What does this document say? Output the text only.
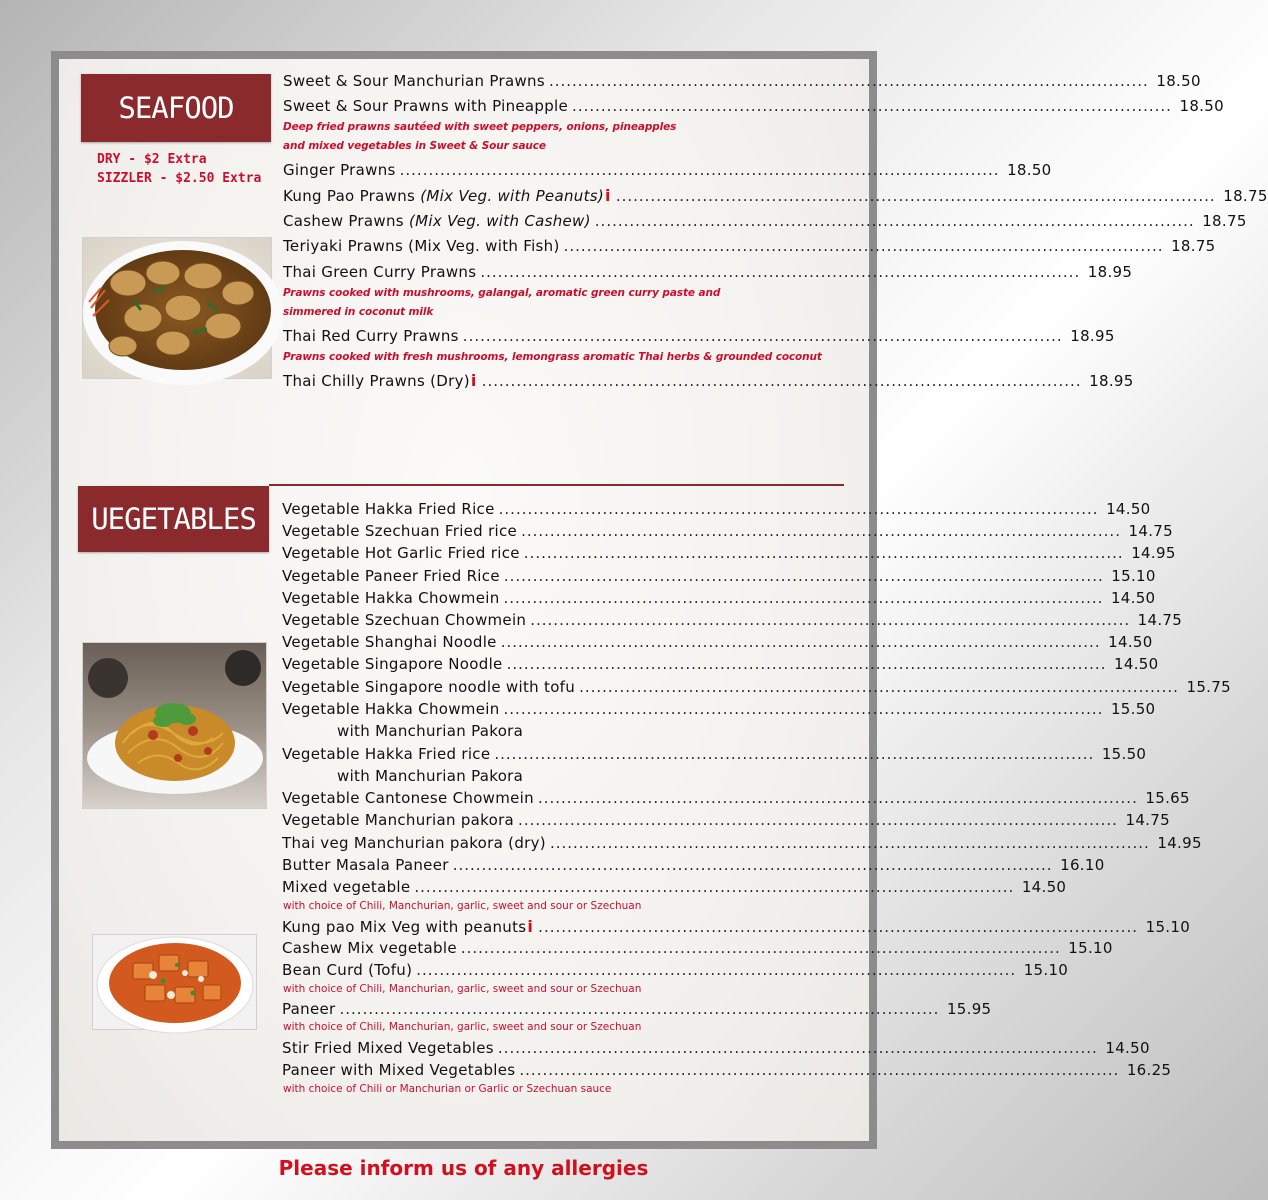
SEAFOOD
DRY - $2 Extra
SIZZLER - $2.50 Extra
Sweet & Sour Manchurian Prawns ........................................................................................................ 18.50
Sweet & Sour Prawns with Pineapple ........................................................................................................ 18.50
Deep fried prawns sautéed with sweet peppers, onions, pineapples
and mixed vegetables in Sweet & Sour sauce
Ginger Prawns ........................................................................................................ 18.50
Kung Pao Prawns
(Mix Veg. with Peanuts) i ........................................................................................................ 18.75
Cashew Prawns
(Mix Veg. with Cashew) ........................................................................................................ 18.75
Teriyaki Prawns (Mix Veg. with Fish) ........................................................................................................ 18.75
Thai Green Curry Prawns ........................................................................................................ 18.95
Prawns cooked with mushrooms, galangal, aromatic green curry paste and
simmered in coconut milk
Thai Red Curry Prawns ........................................................................................................ 18.95
Prawns cooked with fresh mushrooms, lemongrass aromatic Thai herbs & grounded coconut
Thai Chilly Prawns (Dry) i ........................................................................................................ 18.95
UEGETABLES	Vegetable Hakka Fried Rice ........................................................................................................ 14.50
Vegetable Szechuan Fried rice ........................................................................................................ 14.75
Vegetable Hot Garlic Fried rice ........................................................................................................ 14.95
Vegetable Paneer Fried Rice ........................................................................................................ 15.10
Vegetable Hakka Chowmein ........................................................................................................ 14.50
Vegetable Szechuan Chowmein ........................................................................................................ 14.75
Vegetable Shanghai Noodle ........................................................................................................ 14.50
Vegetable Singapore Noodle ........................................................................................................ 14.50
Vegetable Singapore noodle with tofu ........................................................................................................ 15.75
Vegetable Hakka Chowmein ........................................................................................................ 15.50
with Manchurian Pakora
Vegetable Hakka Fried rice ........................................................................................................ 15.50
with Manchurian Pakora
Vegetable Cantonese Chowmein ........................................................................................................ 15.65
Vegetable Manchurian pakora ........................................................................................................ 14.75
Thai veg Manchurian pakora (dry) ........................................................................................................ 14.95
Butter Masala Paneer ........................................................................................................ 16.10
Mixed vegetable ........................................................................................................ 14.50
with choice of Chili, Manchurian, garlic, sweet and sour or Szechuan
Kung pao Mix Veg with peanuts i ........................................................................................................ 15.10
Cashew Mix vegetable ........................................................................................................ 15.10
Bean Curd (Tofu) ........................................................................................................ 15.10
with choice of Chili, Manchurian, garlic, sweet and sour or Szechuan
Paneer ........................................................................................................ 15.95
with choice of Chili, Manchurian, garlic, sweet and sour or Szechuan
Stir Fried Mixed Vegetables ........................................................................................................ 14.50
Paneer with Mixed Vegetables ........................................................................................................ 16.25
with choice of Chili or Manchurian or Garlic or Szechuan sauce
Please inform us of any allergies
